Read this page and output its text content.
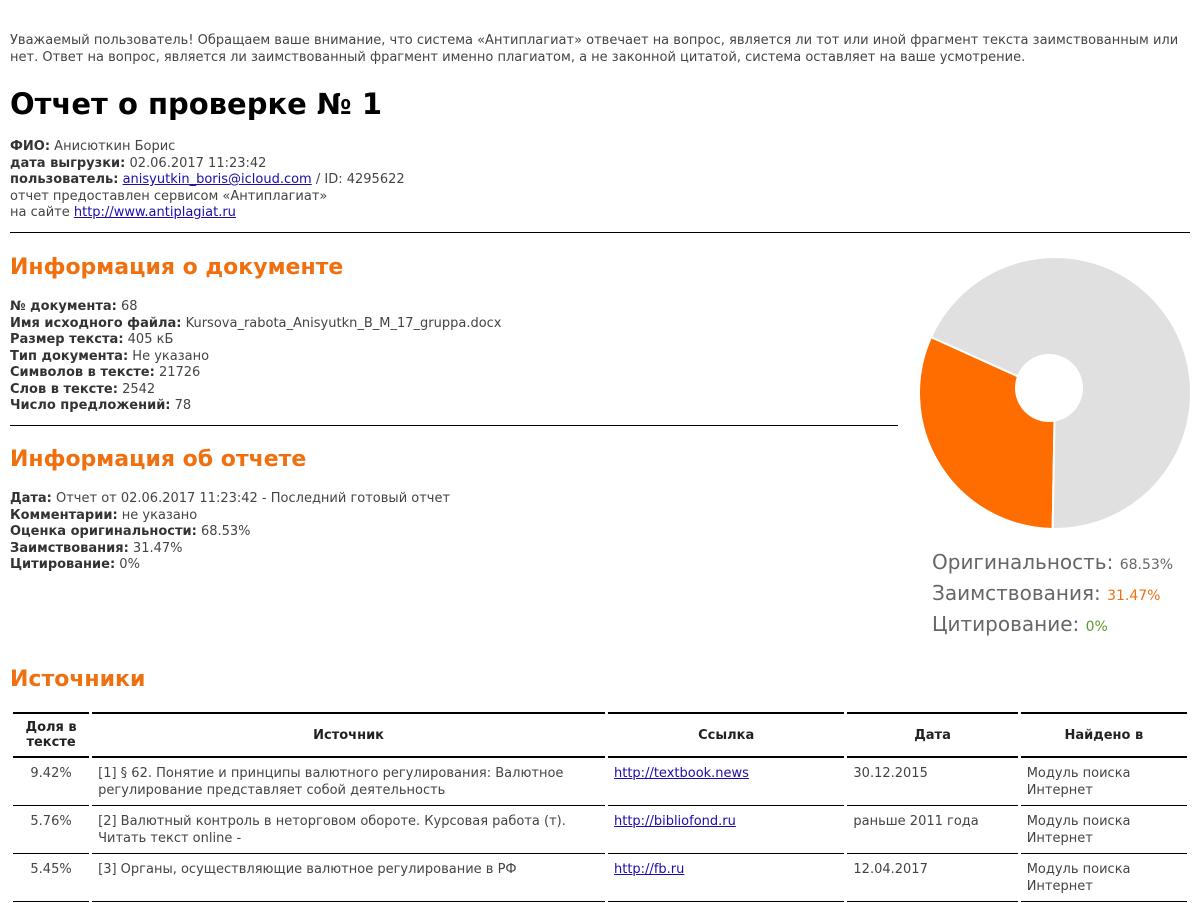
Уважаемый пользователь! Обращаем ваше внимание, что система «Антиплагиат» отвечает на вопрос, является ли тот или иной фрагмент текста заимствованным или нет. Ответ на вопрос, является ли заимствованный фрагмент именно плагиатом, а не законной цитатой, система оставляет на ваше усмотрение.
Отчет о проверке № 1
ФИО: Анисюткин Борис
дата выгрузки: 02.06.2017 11:23:42
пользователь: anisyutkin_boris@icloud.com / ID: 4295622
отчет предоставлен сервисом «Антиплагиат»
на сайте http://www.antiplagiat.ru
Информация о документе
№ документа: 68
Имя исходного файла: Kursova_rabota_Anisyutkn_B_M_17_gruppa.docx
Размер текста: 405 кБ
Тип документа: Не указано
Символов в тексте: 21726
Слов в тексте: 2542
Число предложений: 78
Информация об отчете
Дата: Отчет от 02.06.2017 11:23:42 - Последний готовый отчет
Комментарии: не указано
Оценка оригинальности: 68.53%
Заимствования: 31.47%
Цитирование: 0%	Оригинальность: 68.53%
Заимствования: 31.47%
Цитирование: 0%
Источники
Доля в тексте	Источник	Ссылка	Дата	Найдено в
9.42%	[1] § 62. Понятие и принципы валютного регулирования: Валютное регулирование представляет собой деятельность	http://textbook.news	30.12.2015	Модуль поиска Интернет
5.76%	[2] Валютный контроль в неторговом обороте. Курсовая работа (т). Читать текст online -	http://bibliofond.ru	раньше 2011 года	Модуль поиска Интернет
5.45%	[3] Органы, осуществляющие валютное регулирование в РФ	http://fb.ru	12.04.2017	Модуль поиска Интернет
